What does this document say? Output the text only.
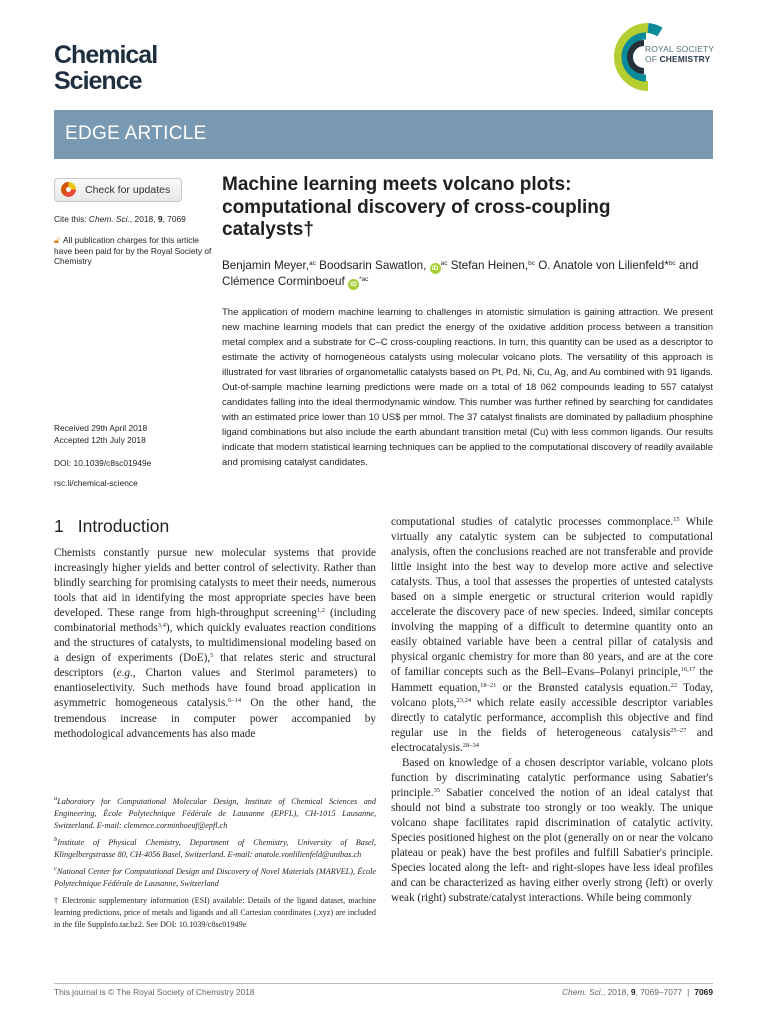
Chemical
Science
ROYAL SOCIETY
OF CHEMISTRY
EDGE ARTICLE
Check for updates
Cite this: Chem. Sci., 2018, 9, 7069
🔓︎ All publication charges for this article have been paid for by the Royal Society of Chemistry
Received 29th April 2018
Accepted 12th July 2018
DOI: 10.1039/c8sc01949e
rsc.li/chemical-science
Machine learning meets volcano plots: computational discovery of cross-coupling catalysts†
Benjamin Meyer,$^{ac}$ Boodsarin Sawatlon, $iD^{ac}$ Stefan Heinen,$^{bc}$ O. Anatole von Lilienfeld*$^{bc}$ and Clémence Corminboeuf $iD^{*ac}$
The application of modern machine learning to challenges in atomistic simulation is gaining attraction. We present new machine learning models that can predict the energy of the oxidative addition process between a transition metal complex and a substrate for C–C cross-coupling reactions. In turn, this quantity can be used as a descriptor to estimate the activity of homogeneous catalysts using molecular volcano plots. The versatility of this approach is illustrated for vast libraries of organometallic catalysts based on Pt, Pd, Ni, Cu, Ag, and Au combined with 91 ligands. Out-of-sample machine learning predictions were made on a total of 18 062 compounds leading to 557 catalyst candidates falling into the ideal thermodynamic window. This number was further refined by searching for candidates with an estimated price lower than 10 US$ per mmol. The 37 catalyst finalists are dominated by palladium phosphine ligand combinations but also include the earth abundant transition metal (Cu) with less common ligands. Our results indicate that modern statistical learning techniques can be applied to the computational discovery of readily available and promising catalyst candidates.
1 Introduction

Chemists constantly pursue new molecular systems that provide increasingly higher yields and better control of selectivity. Rather than blindly searching for promising catalysts to meet their needs, numerous tools that aid in identifying the most appropriate species have been developed. These range from high-throughput screening$^{1,2}$ (including combinatorial methods$^{3,4}$), which quickly evaluates reaction conditions and the structures of catalysts, to multidimensional modeling based on a design of experiments (DoE),$^5$ that relates steric and structural descriptors (e.g., Charton values and Sterimol parameters) to enantioselectivity. Such methods have found broad application in asymmetric homogeneous catalysis.$^{6-14}$ On the other hand, the tremendous increase in computer power accompanied by methodological advancements has also made

computational studies of catalytic processes commonplace.$^{15}$ While virtually any catalytic system can be subjected to computational analysis, often the conclusions reached are not transferable and provide little insight into the best way to develop more active and selective catalysts. Thus, a tool that assesses the properties of untested catalysts based on a simple energetic or structural criterion would rapidly accelerate the discovery pace of new species. Indeed, similar concepts involving the mapping of a difficult to determine quantity onto an easily obtained variable have been a central pillar of catalysis and physical organic chemistry for more than 80 years, and are at the core of familiar concepts such as the Bell–Evans–Polanyi principle,$^{16,17}$ the Hammett equation,$^{18-21}$ or the Brønsted catalysis equation.$^{22}$ Today, volcano plots,$^{23,24}$ which relate easily accessible descriptor variables directly to catalytic performance, accomplish this objective and find regular use in the fields of heterogeneous catalysis$^{25-27}$ and electrocatalysis.$^{28-34}$

Based on knowledge of a chosen descriptor variable, volcano plots function by discriminating catalytic performance using Sabatier's principle.$^{35}$ Sabatier conceived the notion of an ideal catalyst that should not bind a substrate too strongly or too weakly. The unique volcano shape facilitates rapid discrimination of catalytic activity. Species positioned highest on the plot (generally on or near the volcano plateau or peak) have the best profiles and fulfill Sabatier's principle. Species located along the left- and right-slopes have less ideal profiles and can be characterized as having either overly strong (left) or overly weak (right) substrate/catalyst interactions. While being commonly

$^a$Laboratory for Computational Molecular Design, Institute of Chemical Sciences and Engineering, École Polytechnique Fédérale de Lausanne (EPFL), CH-1015 Lausanne, Switzerland. E-mail: clemence.corminboeuf@epfl.ch

$^b$Institute of Physical Chemistry, Department of Chemistry, University of Basel, Klingelbergstrasse 80, CH-4056 Basel, Switzerland. E-mail: anatole.vonlilienfeld@unibas.ch

$^c$National Center for Computational Design and Discovery of Novel Materials (MARVEL), École Polytechnique Fédérale de Lausanne, Switzerland

† Electronic supplementary information (ESI) available: Details of the ligand dataset, machine learning predictions, price of metals and ligands and all Cartesian coordinates (.xyz) are included in the file SuppInfo.tar.bz2. See DOI: 10.1039/c8sc01949e

This journal is © The Royal Society of Chemistry 2018	Chem. Sci., 2018, 9, 7069–7077 | 7069
